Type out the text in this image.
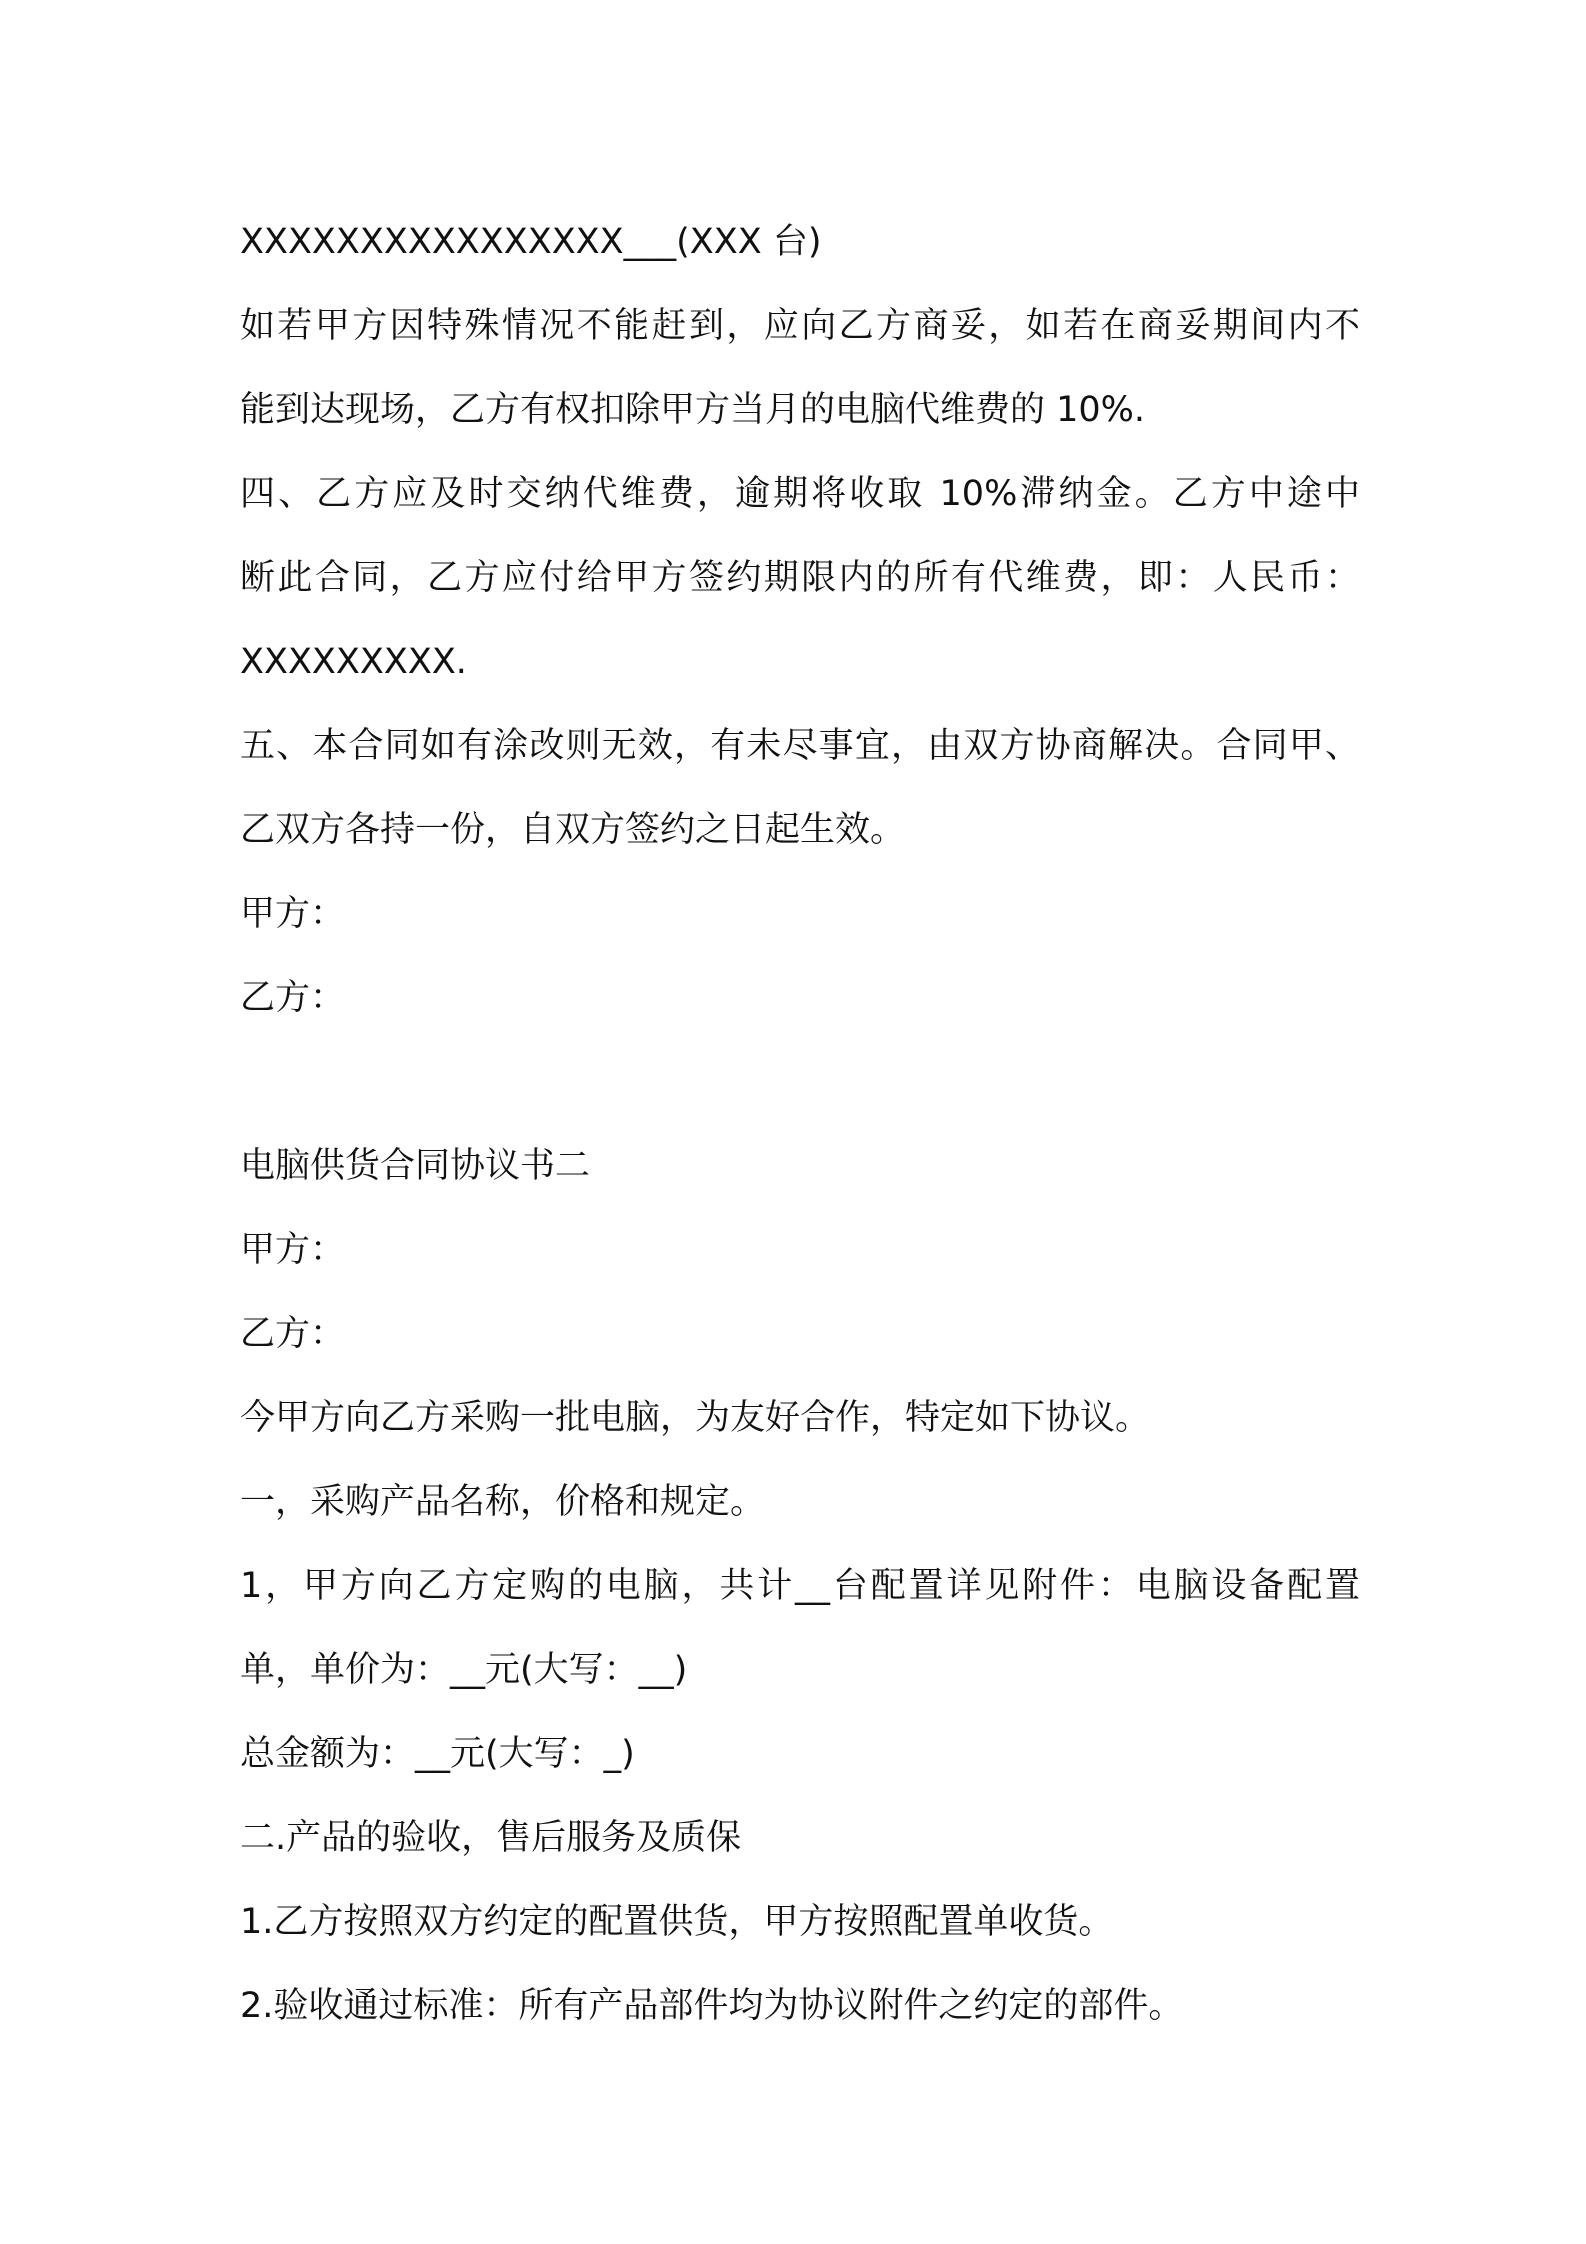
XXXXXXXXXXXXXXXX___(XXX 台)
如若甲方因特殊情况不能赶到，应向乙方商妥，如若在商妥期间内不
能到达现场，乙方有权扣除甲方当月的电脑代维费的 10%.
四、乙方应及时交纳代维费，逾期将收取 10%滞纳金。乙方中途中
断此合同，乙方应付给甲方签约期限内的所有代维费，即：人民币：
XXXXXXXXX.
五、本合同如有涂改则无效，有未尽事宜，由双方协商解决。合同甲、
乙双方各持一份，自双方签约之日起生效。
甲方：
乙方：
电脑供货合同协议书二
甲方：
乙方：
今甲方向乙方采购一批电脑，为友好合作，特定如下协议。
一，采购产品名称，价格和规定。
1，甲方向乙方定购的电脑，共计__台配置详见附件：电脑设备配置
单，单价为：__元(大写：__)
总金额为：__元(大写：_)
二.产品的验收，售后服务及质保
1.乙方按照双方约定的配置供货，甲方按照配置单收货。
2.验收通过标准：所有产品部件均为协议附件之约定的部件。
